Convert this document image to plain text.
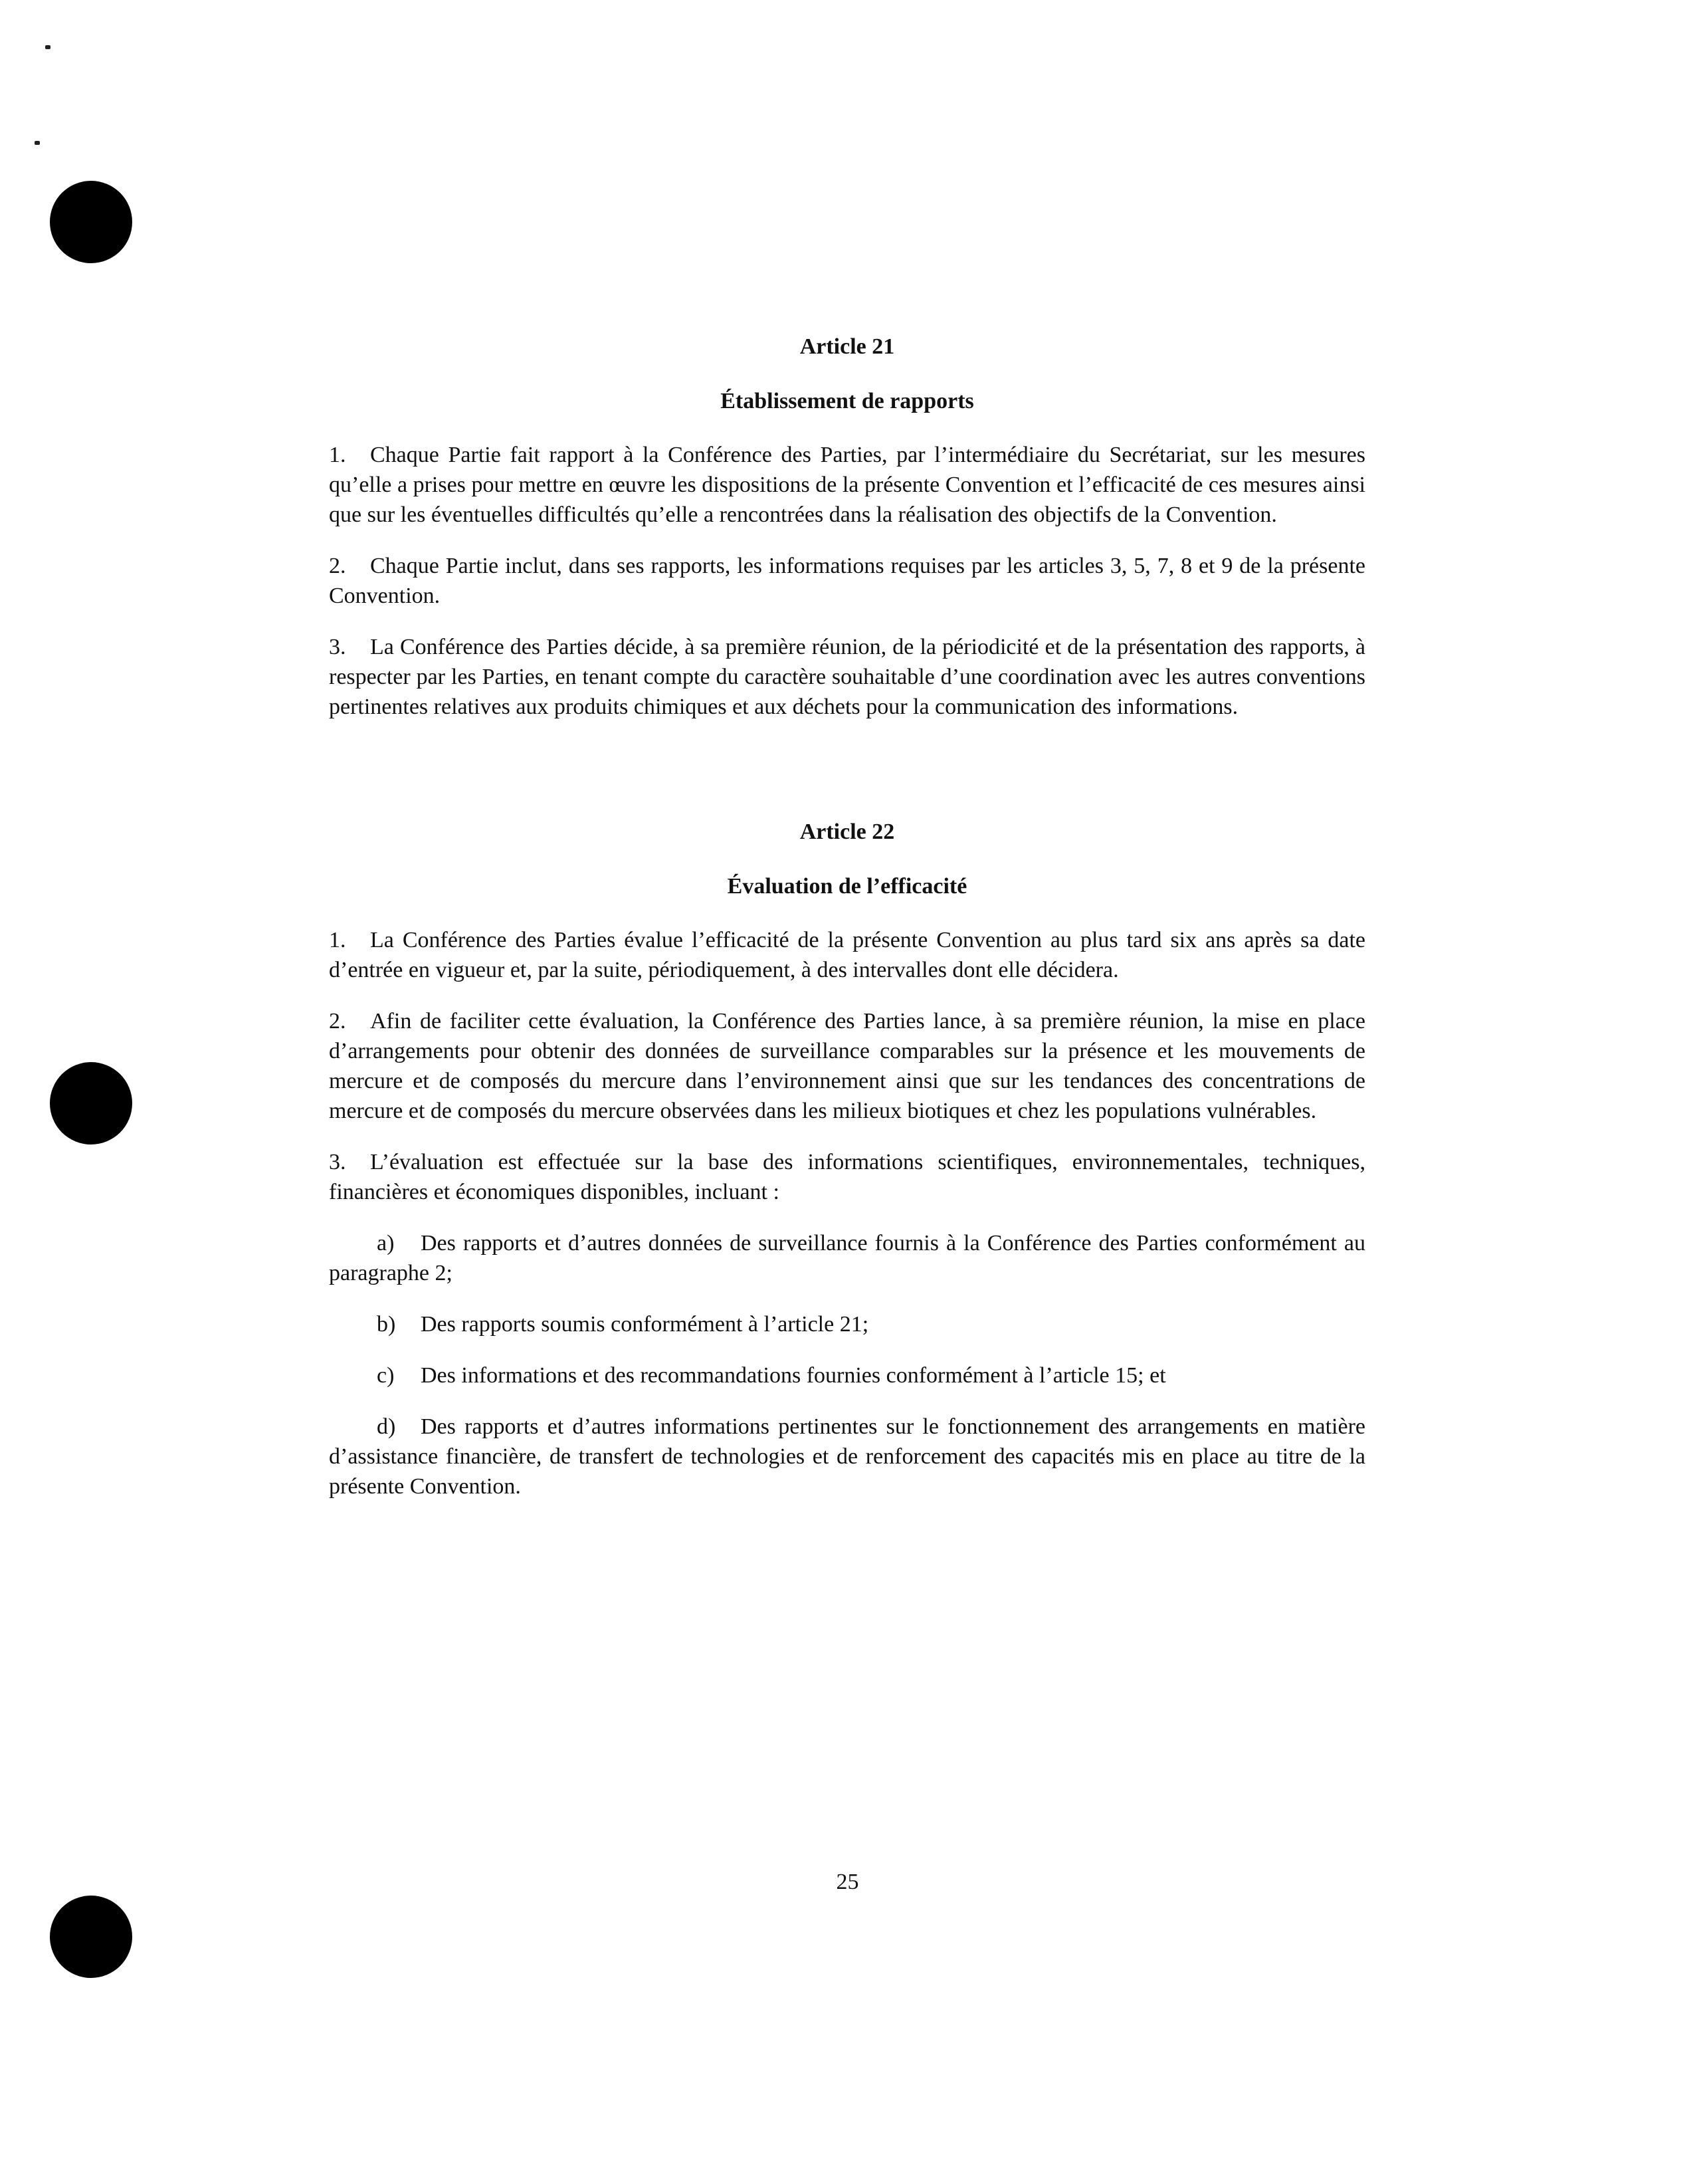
Article 21
Établissement de rapports

1. Chaque Partie fait rapport à la Conférence des Parties, par l’intermédiaire du Secrétariat, sur les mesures qu’elle a prises pour mettre en œuvre les dispositions de la présente Convention et l’efficacité de ces mesures ainsi que sur les éventuelles difficultés qu’elle a rencontrées dans la réalisation des objectifs de la Convention.

2. Chaque Partie inclut, dans ses rapports, les informations requises par les articles 3, 5, 7, 8 et 9 de la présente Convention.

3. La Conférence des Parties décide, à sa première réunion, de la périodicité et de la présentation des rapports, à respecter par les Parties, en tenant compte du caractère souhaitable d’une coordination avec les autres conventions pertinentes relatives aux produits chimiques et aux déchets pour la communication des informations.

Article 22
Évaluation de l’efficacité

1. La Conférence des Parties évalue l’efficacité de la présente Convention au plus tard six ans après sa date d’entrée en vigueur et, par la suite, périodiquement, à des intervalles dont elle décidera.

2. Afin de faciliter cette évaluation, la Conférence des Parties lance, à sa première réunion, la mise en place d’arrangements pour obtenir des données de surveillance comparables sur la présence et les mouvements de mercure et de composés du mercure dans l’environnement ainsi que sur les tendances des concentrations de mercure et de composés du mercure observées dans les milieux biotiques et chez les populations vulnérables.

3. L’évaluation est effectuée sur la base des informations scientifiques, environnementales, techniques, financières et économiques disponibles, incluant :

a) Des rapports et d’autres données de surveillance fournis à la Conférence des Parties conformément au paragraphe 2;

b) Des rapports soumis conformément à l’article 21;

c) Des informations et des recommandations fournies conformément à l’article 15; et

d) Des rapports et d’autres informations pertinentes sur le fonctionnement des arrangements en matière d’assistance financière, de transfert de technologies et de renforcement des capacités mis en place au titre de la présente Convention.

25
